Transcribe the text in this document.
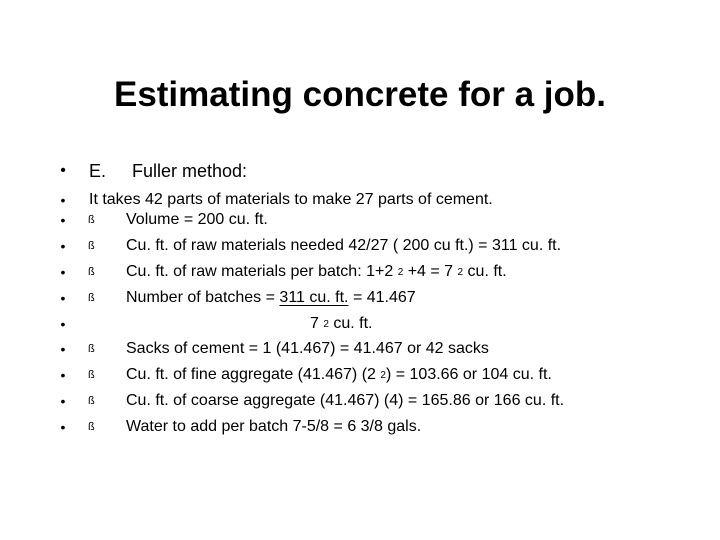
Estimating concrete for a job.
• E. Fuller method:
• It takes 42 parts of materials to make 27 parts of cement.
• ß Volume = 200 cu. ft.
• ß Cu. ft. of raw materials needed 42/27 ( 200 cu ft.) = 311 cu. ft.
• ß Cu. ft. of raw materials per batch: 1+2 2 +4 = 7 2 cu. ft.
• ß Number of batches = 311 cu. ft. = 41.467
•	7 2 cu. ft.
• ß Sacks of cement = 1 (41.467) = 41.467 or 42 sacks
• ß Cu. ft. of fine aggregate (41.467) (2 2) = 103.66 or 104 cu. ft.
• ß Cu. ft. of coarse aggregate (41.467) (4) = 165.86 or 166 cu. ft.
• ß Water to add per batch 7-5/8 = 6 3/8 gals.
